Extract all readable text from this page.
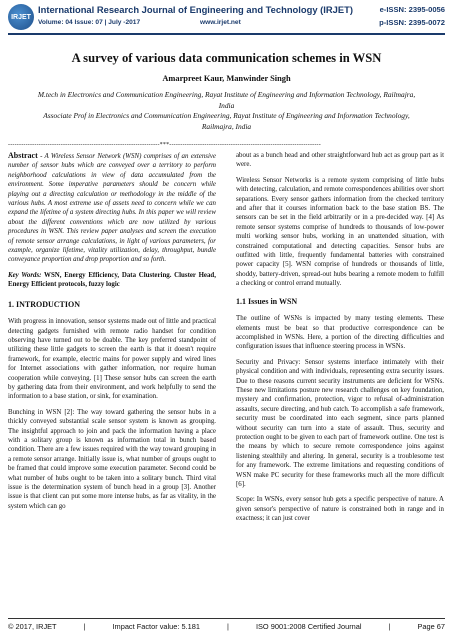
IRJET
International Research Journal of Engineering and Technology (IRJET)	e-ISSN: 2395-0056
Volume: 04 Issue: 07 | July -2017	www.irjet.net	p-ISSN: 2395-0072
A survey of various data communication schemes in WSN
Amarpreet Kaur, Manwinder Singh
M.tech in Electronics and Communication Engineering, Rayat Institute of Engineering and Information Technology, Railmajra, India
Associate Prof in Electronics and Communication Engineering, Rayat Institute of Engineering and Information Technology, Railmajra, India
---------------------------------------------------------------------***---------------------------------------------------------------------

Abstract - A Wireless Sensor Network (WSN) comprises of an extensive number of sensor hubs which are conveyed over a territory to perform neighborhood calculations in view of data accumulated from the environment. Some imperative parameters should be concern while playing out a directing calculation or methodology in the middle of the various hubs. A most extreme use of assets need to concern while we can expand the lifetime of a system directing hubs. In this paper we will review about the different conventions which are now utilized by various procedures in WSN. This review paper analyses and screen the execution of remote sensor arrange calculations, in light of various parameters, for example, organize lifetime, vitality utilization, delay, throughput, bundle conveyance proportion and drop proportion and so forth.

Key Words: WSN, Energy Efficiency, Data Clustering. Cluster Head, Energy Efficient protocols, fuzzy logic

1. INTRODUCTION

With progress in innovation, sensor systems made out of little and practical detecting gadgets furnished with remote radio handset for condition observing have turned out to be doable. The key preferred standpoint of utilizing these little gadgets to screen the earth is that it doesn't require framework, for example, electric mains for power supply and wired lines for Internet associations with gather information, nor require human cooperation while conveying. [1] These sensor hubs can screen the earth by gathering data from their environment, and work helpfully to send the information to a base station, or sink, for examination.

Bunching in WSN [2]: The way toward gathering the sensor hubs in a thickly conveyed substantial scale sensor system is known as grouping. The insightful approach to join and pack the information having a place with a solitary group is known as information total in bunch based condition. There are a few issues required with the way toward grouping in a remote sensor arrange. Initially issue is, what number of groups ought to be framed that could improve some execution parameter. Second could be what number of hubs ought to be taken into a solitary bunch. Third vital issue is the determination system of bunch head in a group [3]. Another issue is that client can put some more intense hubs, as far as vitality, in the system which can go

about as a bunch head and other straightforward hub act as group part as it were.

Wireless Sensor Networks is a remote system comprising of little hubs with detecting, calculation, and remote correspondences abilities over short separations. Every sensor gathers information from the checked territory and after that it courses information back to the base station BS. The sensors can be set in the field arbitrarily or in a pre-decided way. [4] As remote sensor systems comprise of hundreds to thousands of low-power multi working sensor hubs, working in an unattended situation, with constrained computational and detecting capacities. Sensor hubs are outfitted with little, frequently fundamental batteries with constrained power capacity [5]. WSN comprise of hundreds or thousands of little, shoddy, battery-driven, spread-out hubs bearing a remote modem to fulfill a checking or control errand mutually.

1.1 Issues in WSN

The outline of WSNs is impacted by many testing elements. These elements must be beat so that productive correspondence can be accomplished in WSNs. Here, a portion of the directing difficulties and configuration issues that influence steering process in WSNs.

Security and Privacy: Sensor systems interface intimately with their physical condition and with individuals, representing extra security issues. Due to these reasons current security instruments are deficient for WSNs. These new limitations posture new research challenges on key foundation, mystery and confirmation, protection, vigor to refusal of-administration assaults, secure directing, and hub catch. To accomplish a safe framework, security must be coordinated into each segment, since parts planned without security can turn into a state of assault. Thus, security and protection ought to be given to each part of framework outline. One test is the means by which to secure remote correspondence joins against listening stealthily and altering. In general, security is a troublesome test for any framework. The extreme limitations and requesting conditions of WSN make PC security for these frameworks much all the more difficult [6].

Scope: In WSNs, every sensor hub gets a specific perspective of nature. A given sensor's perspective of nature is constrained both in range and in exactness; it can just cover

© 2017, IRJET	|	Impact Factor value: 5.181	|	ISO 9001:2008 Certified Journal	|	Page 67
